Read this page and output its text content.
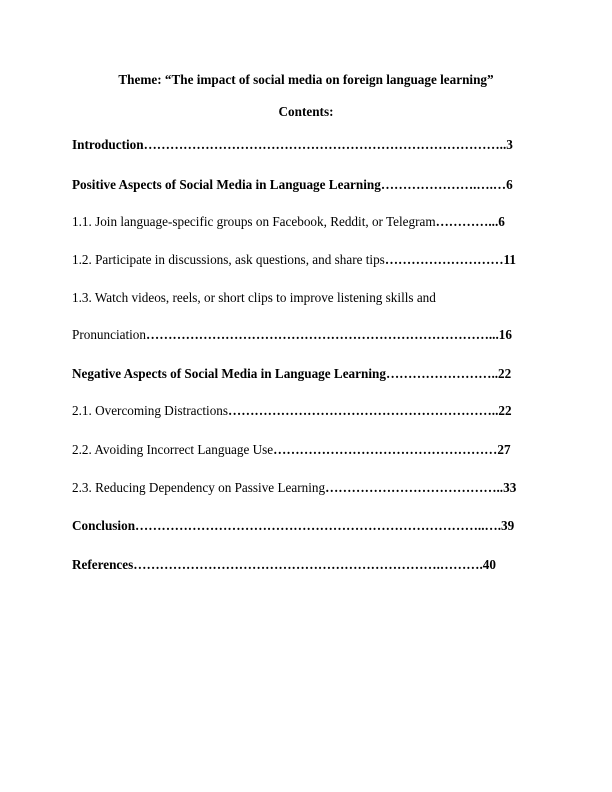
Theme: “The impact of social media on foreign language learning”
Contents:
Introduction………………………………………………………………………..3
Positive Aspects of Social Media in Language Learning………………….….…6
1.1. Join language-specific groups on Facebook, Reddit, or Telegram…………...6
1.2. Participate in discussions, ask questions, and share tips………………………11
1.3. Watch videos, reels, or short clips to improve listening skills and
Pronunciation……………………………………………………………………...16
Negative Aspects of Social Media in Language Learning……………………..22
2.1. Overcoming Distractions……………………………………………………..22
2.2. Avoiding Incorrect Language Use……………………………………………27
2.3. Reducing Dependency on Passive Learning…………………………………..33
Conclusion……………………………………………………………………..….39
References…………………………………………………………….……….40
